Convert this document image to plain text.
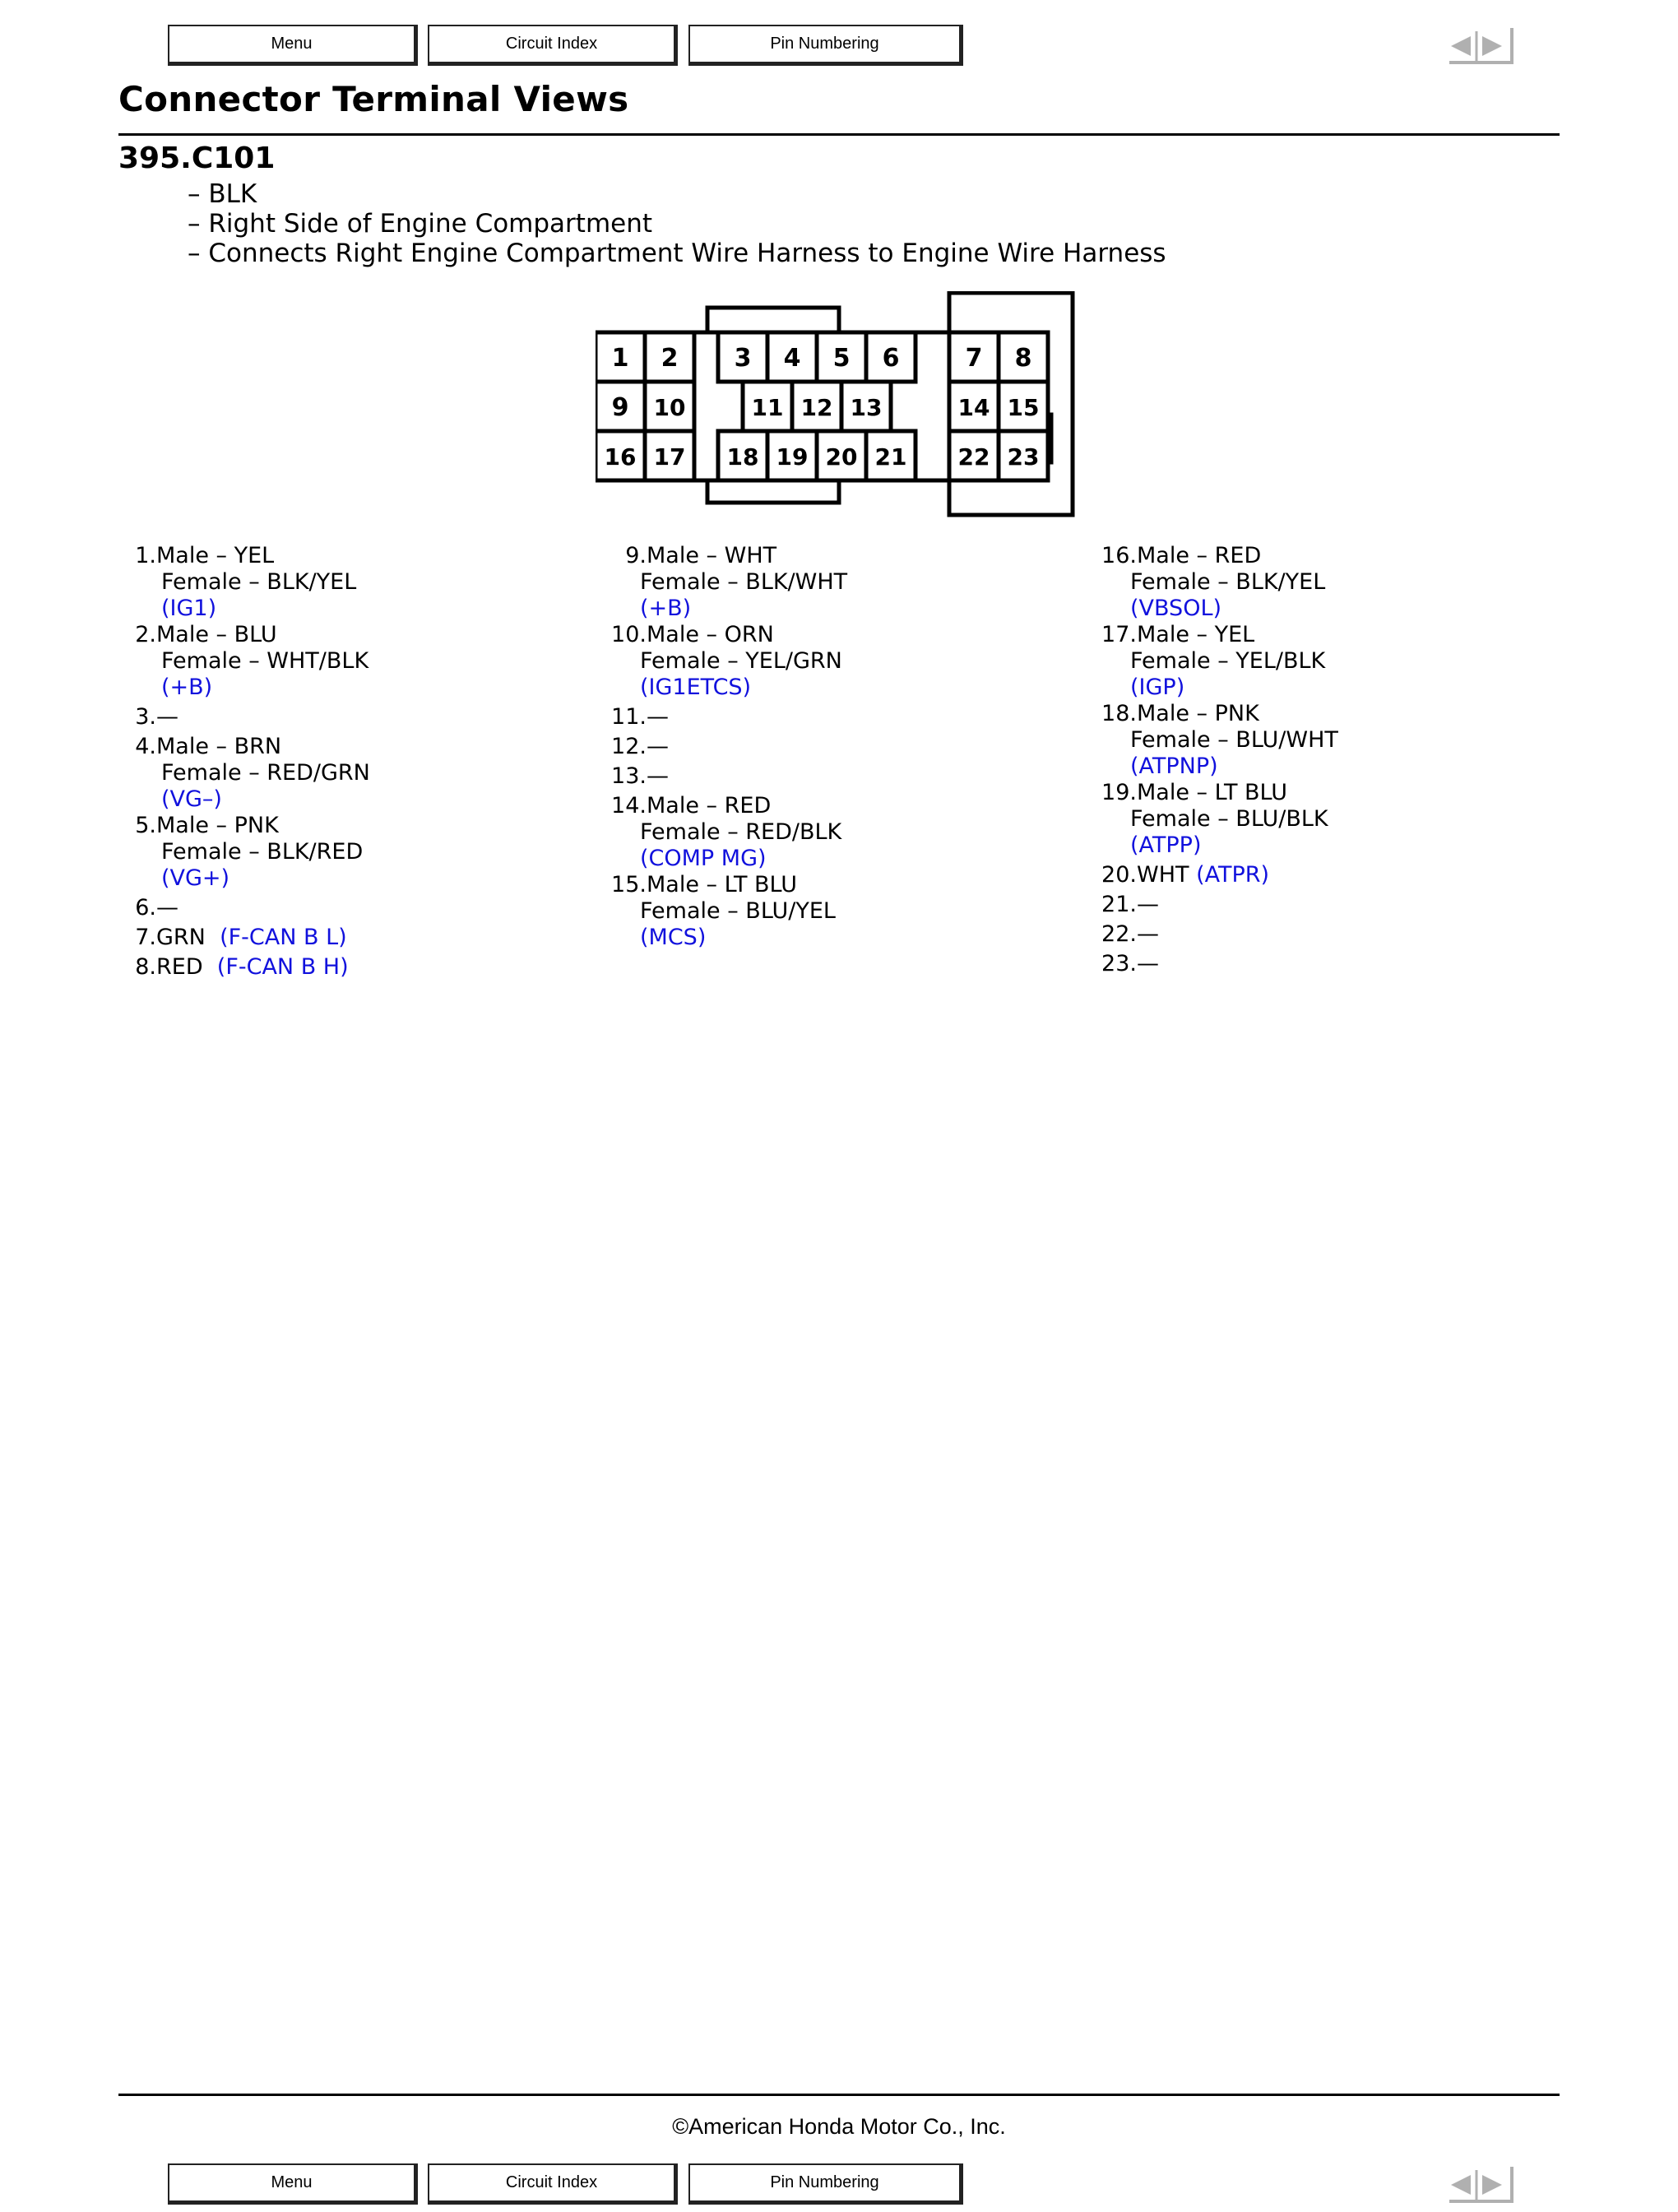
Menu	Circuit Index	Pin Numbering
Connector Terminal Views
395.C101
– BLK
– Right Side of Engine Compartment
– Connects Right Engine Compartment Wire Harness to Engine Wire Harness
1 2 3 4 5 6	7 8
9 10	11 12 13	14 15
16 17 18 19 20 21 22 23
1.Male – YEL
Female – BLK/YEL
(IG1)
2.Male – BLU
Female – WHT/BLK
(+B)
3.—
4.Male – BRN
Female – RED/GRN
(VG–)
5.Male – PNK
Female – BLK/RED
(VG+)
6.—
7.GRN (F-CAN B L)
8.RED (F-CAN B H)
9.Male – WHT
Female – BLK/WHT
(+B)
10.Male – ORN
Female – YEL/GRN
(IG1ETCS)
11.—
12.—
13.—
14.Male – RED
Female – RED/BLK
(COMP MG)
15.Male – LT BLU
Female – BLU/YEL
(MCS)
16.Male – RED
Female – BLK/YEL
(VBSOL)
17.Male – YEL
Female – YEL/BLK
(IGP)
18.Male – PNK
Female – BLU/WHT
(ATPNP)
19.Male – LT BLU
Female – BLU/BLK
(ATPP)
20.WHT (ATPR)
21.—
22.—
23.—
©American Honda Motor Co., Inc.
Menu	Circuit Index	Pin Numbering
